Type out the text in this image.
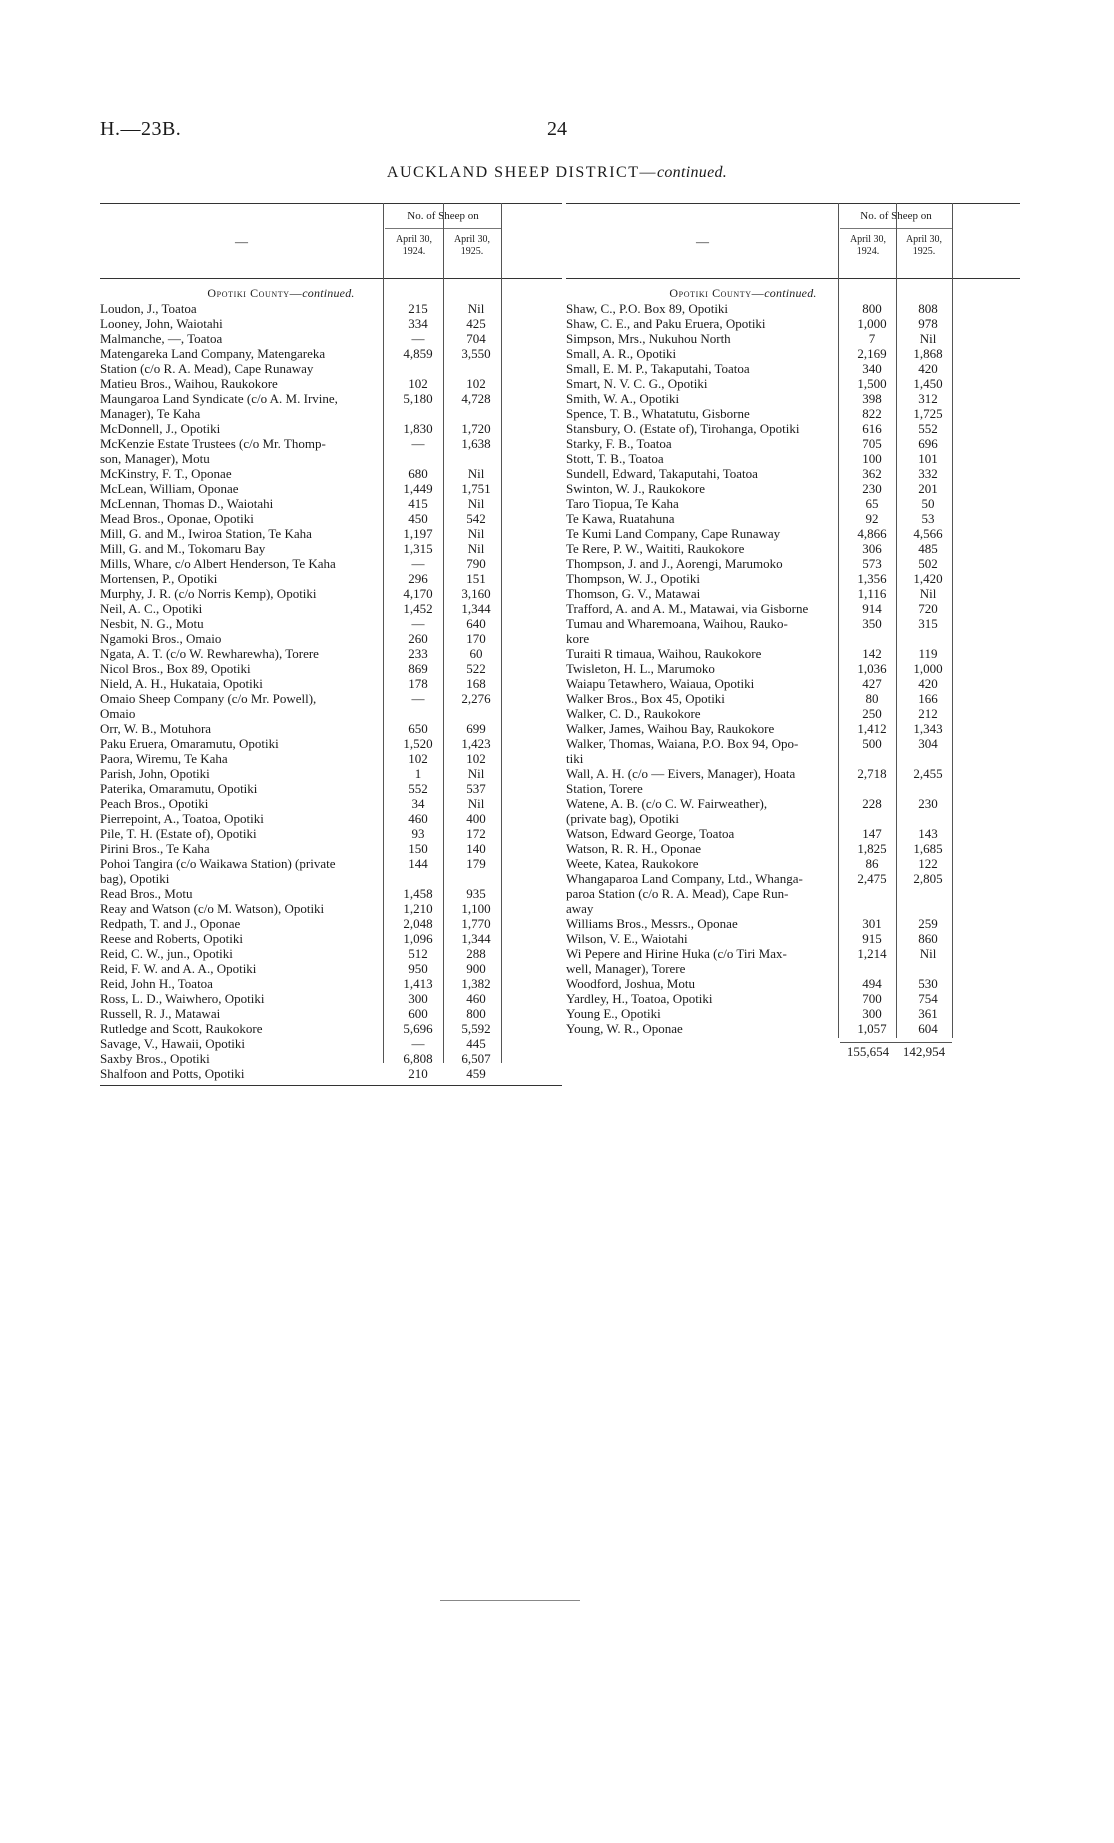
H.—23B.	24
AUCKLAND SHEEP DISTRICT—continued.
—
No. of Sheep on
April 30,
1924.
April 30,
1925.
Opotiki County—continued.
Loudon, J., Toatoa	215	Nil
Looney, John, Waiotahi	334	425
Malmanche, —, Toatoa	—	704
Matengareka Land Company, Matengareka
Station (c/o R. A. Mead), Cape Runaway
4,859	3,550
Matieu Bros., Waihou, Raukokore	102	102
Maungaroa Land Syndicate (c/o A. M. Irvine,
Manager), Te Kaha
5,180	4,728
McDonnell, J., Opotiki	1,830	1,720
McKenzie Estate Trustees (c/o Mr. Thomp-
son, Manager), Motu
—	1,638
McKinstry, F. T., Oponae	680	Nil
McLean, William, Oponae	1,449	1,751
McLennan, Thomas D., Waiotahi	415	Nil
Mead Bros., Oponae, Opotiki	450	542
Mill, G. and M., Iwiroa Station, Te Kaha	1,197	Nil
Mill, G. and M., Tokomaru Bay	1,315	Nil
Mills, Whare, c/o Albert Henderson, Te Kaha	—	790
Mortensen, P., Opotiki	296	151
Murphy, J. R. (c/o Norris Kemp), Opotiki	4,170	3,160
Neil, A. C., Opotiki	1,452	1,344
Nesbit, N. G., Motu	—	640
Ngamoki Bros., Omaio	260	170
Ngata, A. T. (c/o W. Rewharewha), Torere	233	60
Nicol Bros., Box 89, Opotiki	869	522
Nield, A. H., Hukataia, Opotiki	178	168
Omaio Sheep Company (c/o Mr. Powell),
Omaio
—	2,276
Orr, W. B., Motuhora	650	699
Paku Eruera, Omaramutu, Opotiki	1,520	1,423
Paora, Wiremu, Te Kaha	102	102
Parish, John, Opotiki	1	Nil
Paterika, Omaramutu, Opotiki	552	537
Peach Bros., Opotiki	34	Nil
Pierrepoint, A., Toatoa, Opotiki	460	400
Pile, T. H. (Estate of), Opotiki	93	172
Pirini Bros., Te Kaha	150	140
Pohoi Tangira (c/o Waikawa Station) (private
bag), Opotiki
144	179
Read Bros., Motu	1,458	935
Reay and Watson (c/o M. Watson), Opotiki	1,210	1,100
Redpath, T. and J., Oponae	2,048	1,770
Reese and Roberts, Opotiki	1,096	1,344
Reid, C. W., jun., Opotiki	512	288
Reid, F. W. and A. A., Opotiki	950	900
Reid, John H., Toatoa	1,413	1,382
Ross, L. D., Waiwhero, Opotiki	300	460
Russell, R. J., Matawai	600	800
Rutledge and Scott, Raukokore	5,696	5,592
Savage, V., Hawaii, Opotiki	—	445
Saxby Bros., Opotiki	6,808	6,507
Shalfoon and Potts, Opotiki	210	459
—
No. of Sheep on
April 30,
1924.
April 30,
1925.
Opotiki County—continued.
Shaw, C., P.O. Box 89, Opotiki	800	808
Shaw, C. E., and Paku Eruera, Opotiki	1,000	978
Simpson, Mrs., Nukuhou North	7	Nil
Small, A. R., Opotiki	2,169	1,868
Small, E. M. P., Takaputahi, Toatoa	340	420
Smart, N. V. C. G., Opotiki	1,500	1,450
Smith, W. A., Opotiki	398	312
Spence, T. B., Whatatutu, Gisborne	822	1,725
Stansbury, O. (Estate of), Tirohanga, Opotiki	616	552
Starky, F. B., Toatoa	705	696
Stott, T. B., Toatoa	100	101
Sundell, Edward, Takaputahi, Toatoa	362	332
Swinton, W. J., Raukokore	230	201
Taro Tiopua, Te Kaha	65	50
Te Kawa, Ruatahuna	92	53
Te Kumi Land Company, Cape Runaway	4,866	4,566
Te Rere, P. W., Waititi, Raukokore	306	485
Thompson, J. and J., Aorengi, Marumoko	573	502
Thompson, W. J., Opotiki	1,356	1,420
Thomson, G. V., Matawai	1,116	Nil
Trafford, A. and A. M., Matawai, via Gisborne	914	720
Tumau and Wharemoana, Waihou, Rauko-
kore
350	315
Turaiti R timaua, Waihou, Raukokore	142	119
Twisleton, H. L., Marumoko	1,036	1,000
Waiapu Tetawhero, Waiaua, Opotiki	427	420
Walker Bros., Box 45, Opotiki	80	166
Walker, C. D., Raukokore	250	212
Walker, James, Waihou Bay, Raukokore	1,412	1,343
Walker, Thomas, Waiana, P.O. Box 94, Opo-
tiki
500	304
Wall, A. H. (c/o — Eivers, Manager), Hoata
Station, Torere
2,718	2,455
Watene, A. B. (c/o C. W. Fairweather),
(private bag), Opotiki
228	230
Watson, Edward George, Toatoa	147	143
Watson, R. R. H., Oponae	1,825	1,685
Weete, Katea, Raukokore	86	122
Whangaparoa Land Company, Ltd., Whanga-
paroa Station (c/o R. A. Mead), Cape Run-
away
2,475	2,805
Williams Bros., Messrs., Oponae	301	259
Wilson, V. E., Waiotahi	915	860
Wi Pepere and Hirine Huka (c/o Tiri Max-
well, Manager), Torere
1,214	Nil
Woodford, Joshua, Motu	494	530
Yardley, H., Toatoa, Opotiki	700	754
Young E., Opotiki	300	361
Young, W. R., Oponae	1,057	604
155,654	142,954
